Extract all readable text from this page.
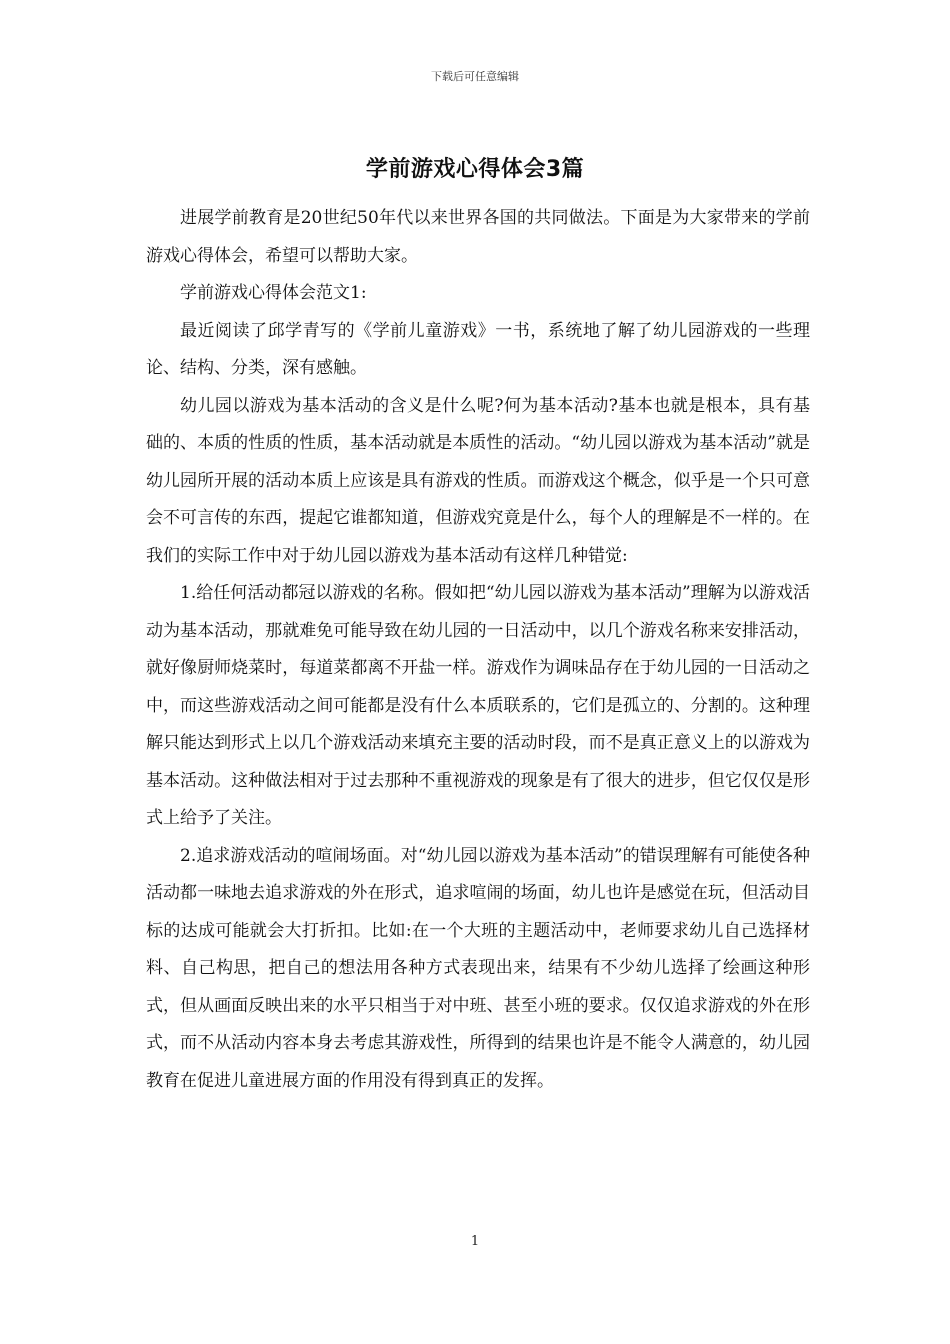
下载后可任意编辑
学前游戏心得体会3篇

进展学前教育是20世纪50年代以来世界各国的共同做法。下面是为大家带来的学前游戏心得体会，希望可以帮助大家。

学前游戏心得体会范文1:

最近阅读了邱学青写的《学前儿童游戏》一书，系统地了解了幼儿园游戏的一些理论、结构、分类，深有感触。

幼儿园以游戏为基本活动的含义是什么呢?何为基本活动?基本也就是根本，具有基础的、本质的性质的性质，基本活动就是本质性的活动。“幼儿园以游戏为基本活动”就是幼儿园所开展的活动本质上应该是具有游戏的性质。而游戏这个概念，似乎是一个只可意会不可言传的东西，提起它谁都知道，但游戏究竟是什么，每个人的理解是不一样的。在我们的实际工作中对于幼儿园以游戏为基本活动有这样几种错觉:

1.给任何活动都冠以游戏的名称。假如把“幼儿园以游戏为基本活动”理解为以游戏活动为基本活动，那就难免可能导致在幼儿园的一日活动中，以几个游戏名称来安排活动，就好像厨师烧菜时，每道菜都离不开盐一样。游戏作为调味品存在于幼儿园的一日活动之中，而这些游戏活动之间可能都是没有什么本质联系的，它们是孤立的、分割的。这种理解只能达到形式上以几个游戏活动来填充主要的活动时段，而不是真正意义上的以游戏为基本活动。这种做法相对于过去那种不重视游戏的现象是有了很大的进步，但它仅仅是形式上给予了关注。

2.追求游戏活动的喧闹场面。对“幼儿园以游戏为基本活动”的错误理解有可能使各种活动都一味地去追求游戏的外在形式，追求喧闹的场面，幼儿也许是感觉在玩，但活动目标的达成可能就会大打折扣。比如:在一个大班的主题活动中，老师要求幼儿自己选择材料、自己构思，把自己的想法用各种方式表现出来，结果有不少幼儿选择了绘画这种形式，但从画面反映出来的水平只相当于对中班、甚至小班的要求。仅仅追求游戏的外在形式，而不从活动内容本身去考虑其游戏性，所得到的结果也许是不能令人满意的，幼儿园教育在促进儿童进展方面的作用没有得到真正的发挥。

1
